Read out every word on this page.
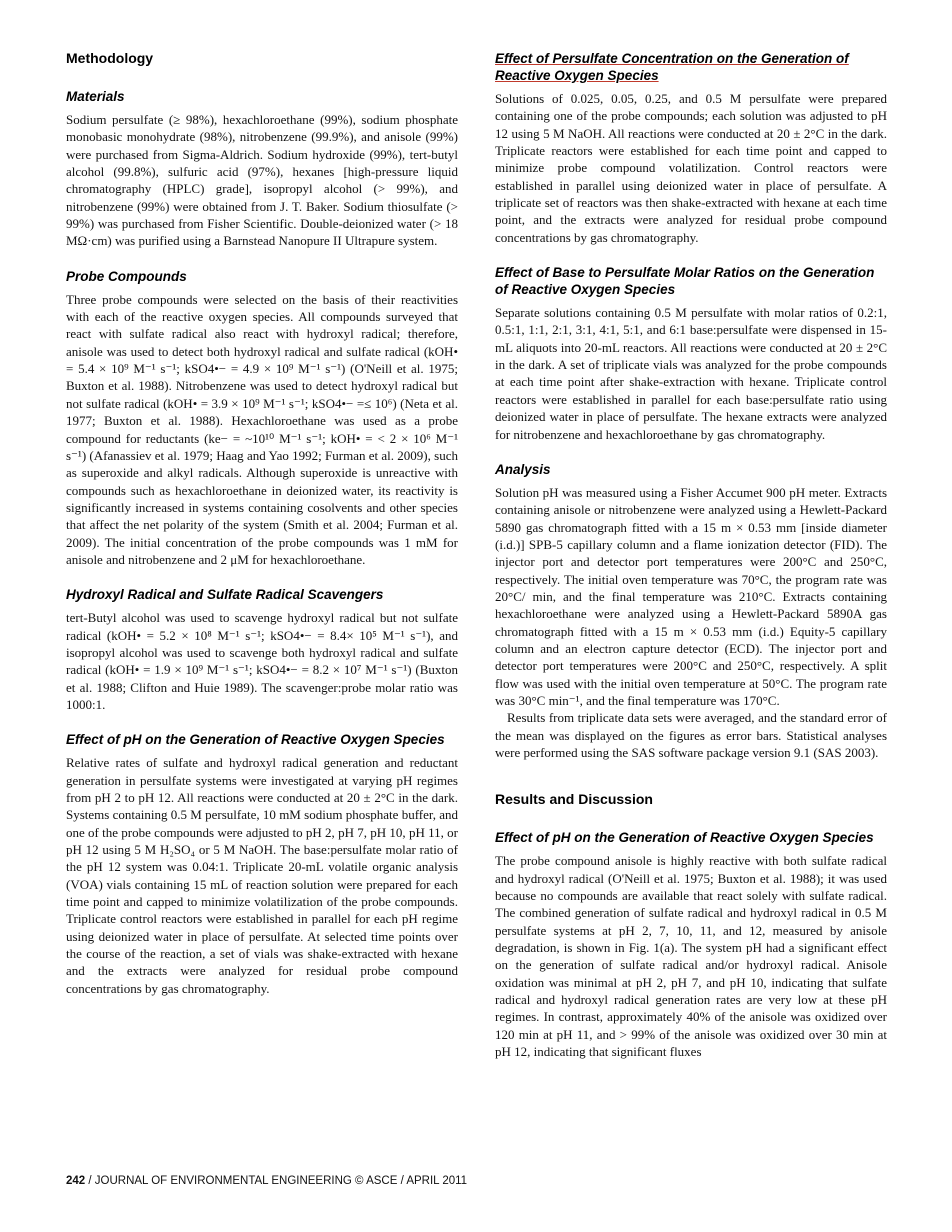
Methodology
Materials

Sodium persulfate (≥ 98%), hexachloroethane (99%), sodium phosphate monobasic monohydrate (98%), nitrobenzene (99.9%), and anisole (99%) were purchased from Sigma-Aldrich. Sodium hydroxide (99%), tert-butyl alcohol (99.8%), sulfuric acid (97%), hexanes [high-pressure liquid chromatography (HPLC) grade], isopropyl alcohol (> 99%), and nitrobenzene (99%) were obtained from J. T. Baker. Sodium thiosulfate (> 99%) was purchased from Fisher Scientific. Double-deionized water (> 18 MΩ·cm) was purified using a Barnstead Nanopure II Ultrapure system.

Probe Compounds

Three probe compounds were selected on the basis of their reactivities with each of the reactive oxygen species. All compounds surveyed that react with sulfate radical also react with hydroxyl radical; therefore, anisole was used to detect both hydroxyl radical and sulfate radical (kOH• = 5.4 × 10⁹ M⁻¹ s⁻¹; kSO4•− = 4.9 × 10⁹ M⁻¹ s⁻¹) (O'Neill et al. 1975; Buxton et al. 1988). Nitrobenzene was used to detect hydroxyl radical but not sulfate radical (kOH• = 3.9 × 10⁹ M⁻¹ s⁻¹; kSO4•− =≤ 10⁶) (Neta et al. 1977; Buxton et al. 1988). Hexachloroethane was used as a probe compound for reductants (ke− = ~10¹⁰ M⁻¹ s⁻¹; kOH• = < 2 × 10⁶ M⁻¹ s⁻¹) (Afanassiev et al. 1979; Haag and Yao 1992; Furman et al. 2009), such as superoxide and alkyl radicals. Although superoxide is unreactive with compounds such as hexachloroethane in deionized water, its reactivity is significantly increased in systems containing cosolvents and other species that affect the net polarity of the system (Smith et al. 2004; Furman et al. 2009). The initial concentration of the probe compounds was 1 mM for anisole and nitrobenzene and 2 μM for hexachloroethane.

Hydroxyl Radical and Sulfate Radical Scavengers

tert-Butyl alcohol was used to scavenge hydroxyl radical but not sulfate radical (kOH• = 5.2 × 10⁸ M⁻¹ s⁻¹; kSO4•− = 8.4× 10⁵ M⁻¹ s⁻¹), and isopropyl alcohol was used to scavenge both hydroxyl radical and sulfate radical (kOH• = 1.9 × 10⁹ M⁻¹ s⁻¹; kSO4•− = 8.2 × 10⁷ M⁻¹ s⁻¹) (Buxton et al. 1988; Clifton and Huie 1989). The scavenger:probe molar ratio was 1000:1.

Effect of pH on the Generation of Reactive Oxygen Species

Relative rates of sulfate and hydroxyl radical generation and reductant generation in persulfate systems were investigated at varying pH regimes from pH 2 to pH 12. All reactions were conducted at 20 ± 2°C in the dark. Systems containing 0.5 M persulfate, 10 mM sodium phosphate buffer, and one of the probe compounds were adjusted to pH 2, pH 7, pH 10, pH 11, or pH 12 using 5 M H₂SO₄ or 5 M NaOH. The base:persulfate molar ratio of the pH 12 system was 0.04:1. Triplicate 20-mL volatile organic analysis (VOA) vials containing 15 mL of reaction solution were prepared for each time point and capped to minimize volatilization of the probe compounds. Triplicate control reactors were established in parallel for each pH regime using deionized water in place of persulfate. At selected time points over the course of the reaction, a set of vials was shake-extracted with hexane and the extracts were analyzed for residual probe compound concentrations by gas chromatography.

Effect of Persulfate Concentration on the Generation of Reactive Oxygen Species

Solutions of 0.025, 0.05, 0.25, and 0.5 M persulfate were prepared containing one of the probe compounds; each solution was adjusted to pH 12 using 5 M NaOH. All reactions were conducted at 20 ± 2°C in the dark. Triplicate reactors were established for each time point and capped to minimize probe compound volatilization. Control reactors were established in parallel using deionized water in place of persulfate. A triplicate set of reactors was then shake-extracted with hexane at each time point, and the extracts were analyzed for residual probe compound concentrations by gas chromatography.

Effect of Base to Persulfate Molar Ratios on the Generation of Reactive Oxygen Species

Separate solutions containing 0.5 M persulfate with molar ratios of 0.2:1, 0.5:1, 1:1, 2:1, 3:1, 4:1, 5:1, and 6:1 base:persulfate were dispensed in 15-mL aliquots into 20-mL reactors. All reactions were conducted at 20 ± 2°C in the dark. A set of triplicate vials was analyzed for the probe compounds at each time point after shake-extraction with hexane. Triplicate control reactors were established in parallel for each base:persulfate ratio using deionized water in place of persulfate. The hexane extracts were analyzed for nitrobenzene and hexachloroethane by gas chromatography.

Analysis

Solution pH was measured using a Fisher Accumet 900 pH meter. Extracts containing anisole or nitrobenzene were analyzed using a Hewlett-Packard 5890 gas chromatograph fitted with a 15 m × 0.53 mm [inside diameter (i.d.)] SPB-5 capillary column and a flame ionization detector (FID). The injector port and detector port temperatures were 200°C and 250°C, respectively. The initial oven temperature was 70°C, the program rate was 20°C/ min, and the final temperature was 210°C. Extracts containing hexachloroethane were analyzed using a Hewlett-Packard 5890A gas chromatograph fitted with a 15 m × 0.53 mm (i.d.) Equity-5 capillary column and an electron capture detector (ECD). The injector port and detector port temperatures were 200°C and 250°C, respectively. A split flow was used with the initial oven temperature at 50°C. The program rate was 30°C min⁻¹, and the final temperature was 170°C.

Results from triplicate data sets were averaged, and the standard error of the mean was displayed on the figures as error bars. Statistical analyses were performed using the SAS software package version 9.1 (SAS 2003).

Results and Discussion
Effect of pH on the Generation of Reactive Oxygen Species

The probe compound anisole is highly reactive with both sulfate radical and hydroxyl radical (O'Neill et al. 1975; Buxton et al. 1988); it was used because no compounds are available that react solely with sulfate radical. The combined generation of sulfate radical and hydroxyl radical in 0.5 M persulfate systems at pH 2, 7, 10, 11, and 12, measured by anisole degradation, is shown in Fig. 1(a). The system pH had a significant effect on the generation of sulfate radical and/or hydroxyl radical. Anisole oxidation was minimal at pH 2, pH 7, and pH 10, indicating that sulfate radical and hydroxyl radical generation rates are very low at these pH regimes. In contrast, approximately 40% of the anisole was oxidized over 120 min at pH 11, and > 99% of the anisole was oxidized over 30 min at pH 12, indicating that significant fluxes

242 / JOURNAL OF ENVIRONMENTAL ENGINEERING © ASCE / APRIL 2011
